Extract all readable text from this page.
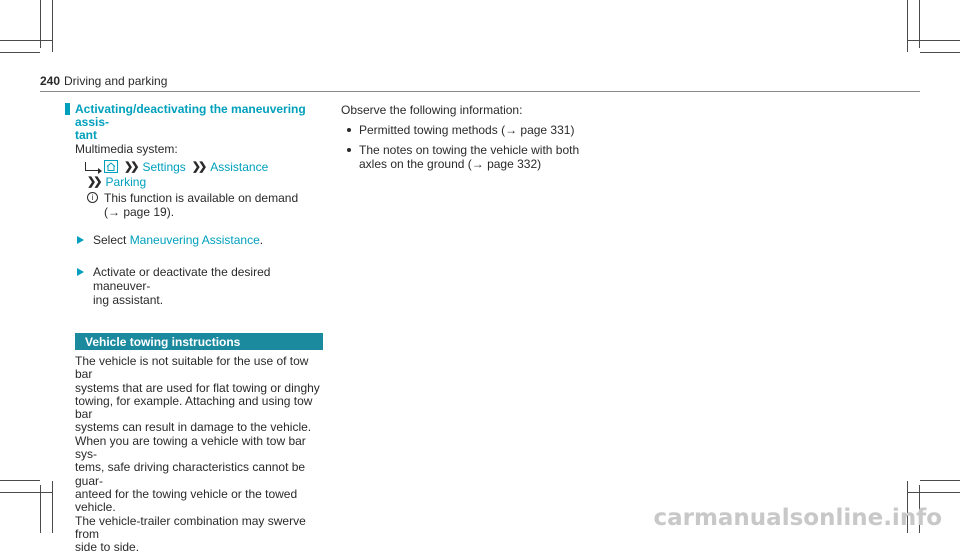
240 Driving and parking
Activating/deactivating the maneuvering assis-
tant
Multimedia system:
❯❯ Settings ❯❯ Assistance
❯❯ Parking
i This function is available on demand
(→ page 19).
Select Maneuvering Assistance.
Activate or deactivate the desired maneuver-
ing assistant.
Vehicle towing instructions
The vehicle is not suitable for the use of tow bar
systems that are used for flat towing or dinghy
towing, for example. Attaching and using tow bar
systems can result in damage to the vehicle.
When you are towing a vehicle with tow bar sys-
tems, safe driving characteristics cannot be guar-
anteed for the towing vehicle or the towed vehicle.
The vehicle-trailer combination may swerve from
side to side.
Observe the following information:
Permitted towing methods (→ page 331)
The notes on towing the vehicle with both
axles on the ground (→ page 332)
carmanualsonline.info
